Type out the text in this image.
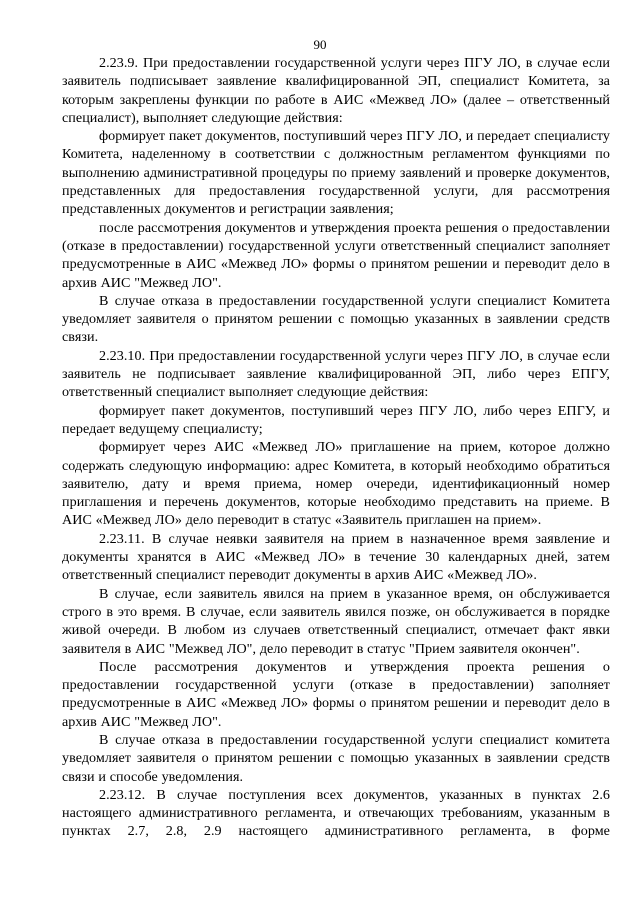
90

2.23.9. При предоставлении государственной услуги через ПГУ ЛО, в случае если заявитель подписывает заявление квалифицированной ЭП, специалист Комитета, за которым закреплены функции по работе в АИС «Межвед ЛО» (далее – ответственный специалист), выполняет следующие действия:

формирует пакет документов, поступивший через ПГУ ЛО, и передает специалисту Комитета, наделенному в соответствии с должностным регламентом функциями по выполнению административной процедуры по приему заявлений и проверке документов, представленных для предоставления государственной услуги, для рассмотрения представленных документов и регистрации заявления;

после рассмотрения документов и утверждения проекта решения о предоставлении (отказе в предоставлении) государственной услуги ответственный специалист заполняет предусмотренные в АИС «Межвед ЛО» формы о принятом решении и переводит дело в архив АИС "Межвед ЛО".

В случае отказа в предоставлении государственной услуги специалист Комитета уведомляет заявителя о принятом решении с помощью указанных в заявлении средств связи.

2.23.10. При предоставлении государственной услуги через ПГУ ЛО, в случае если заявитель не подписывает заявление квалифицированной ЭП, либо через ЕПГУ, ответственный специалист выполняет следующие действия:

формирует пакет документов, поступивший через ПГУ ЛО, либо через ЕПГУ, и передает ведущему специалисту;

формирует через АИС «Межвед ЛО» приглашение на прием, которое должно содержать следующую информацию: адрес Комитета, в который необходимо обратиться заявителю, дату и время приема, номер очереди, идентификационный номер приглашения и перечень документов, которые необходимо представить на приеме. В АИС «Межвед ЛО» дело переводит в статус «Заявитель приглашен на прием».

2.23.11. В случае неявки заявителя на прием в назначенное время заявление и документы хранятся в АИС «Межвед ЛО» в течение 30 календарных дней, затем ответственный специалист переводит документы в архив АИС «Межвед ЛО».

В случае, если заявитель явился на прием в указанное время, он обслуживается строго в это время. В случае, если заявитель явился позже, он обслуживается в порядке живой очереди. В любом из случаев ответственный специалист, отмечает факт явки заявителя в АИС "Межвед ЛО", дело переводит в статус "Прием заявителя окончен".

После рассмотрения документов и утверждения проекта решения о предоставлении государственной услуги (отказе в предоставлении) заполняет предусмотренные в АИС «Межвед ЛО» формы о принятом решении и переводит дело в архив АИС "Межвед ЛО".

В случае отказа в предоставлении государственной услуги специалист комитета уведомляет заявителя о принятом решении с помощью указанных в заявлении средств связи и способе уведомления.

2.23.12. В случае поступления всех документов, указанных в пунктах 2.6 настоящего административного регламента, и отвечающих требованиям, указанным в пунктах 2.7, 2.8, 2.9 настоящего административного регламента, в форме
